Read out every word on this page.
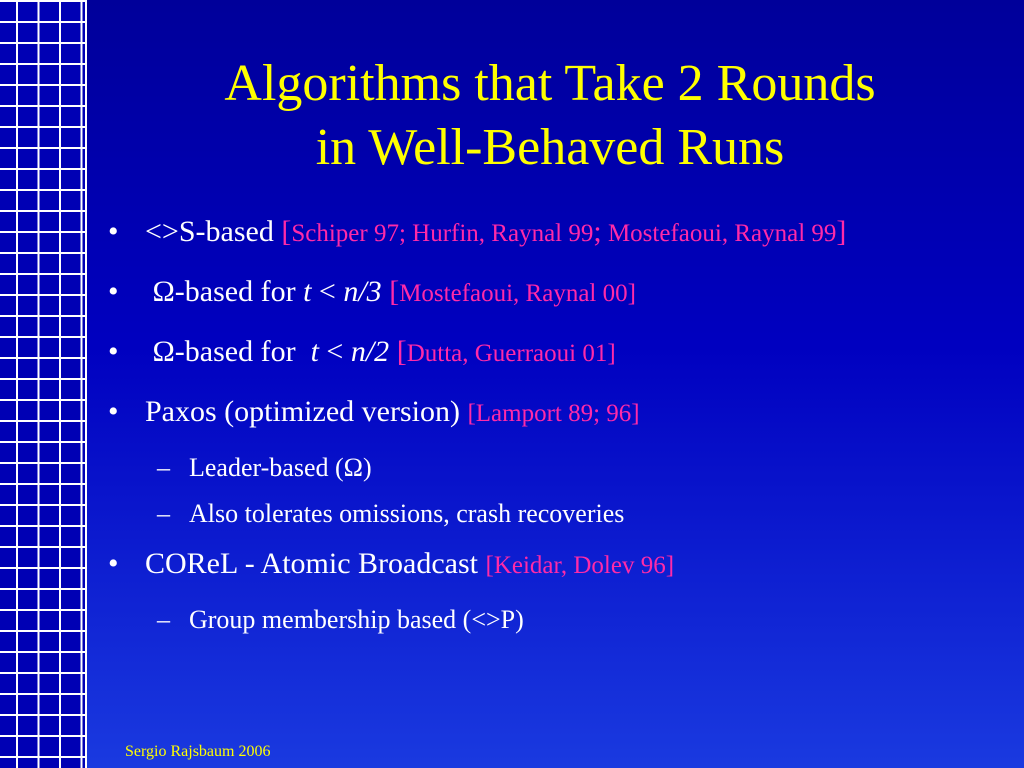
Algorithms that Take 2 Rounds
in Well-Behaved Runs
• <>S-based [Schiper 97; Hurfin, Raynal 99; Mostefaoui, Raynal 99]
• Ω-based for t < n/3 [Mostefaoui, Raynal 00]
• Ω-based for  t < n/2 [Dutta, Guerraoui 01]
• Paxos (optimized version) [Lamport 89; 96]
– Leader-based (Ω)
– Also tolerates omissions, crash recoveries
• COReL - Atomic Broadcast [Keidar, Dolev 96]
– Group membership based (<>P)
Sergio Rajsbaum 2006
